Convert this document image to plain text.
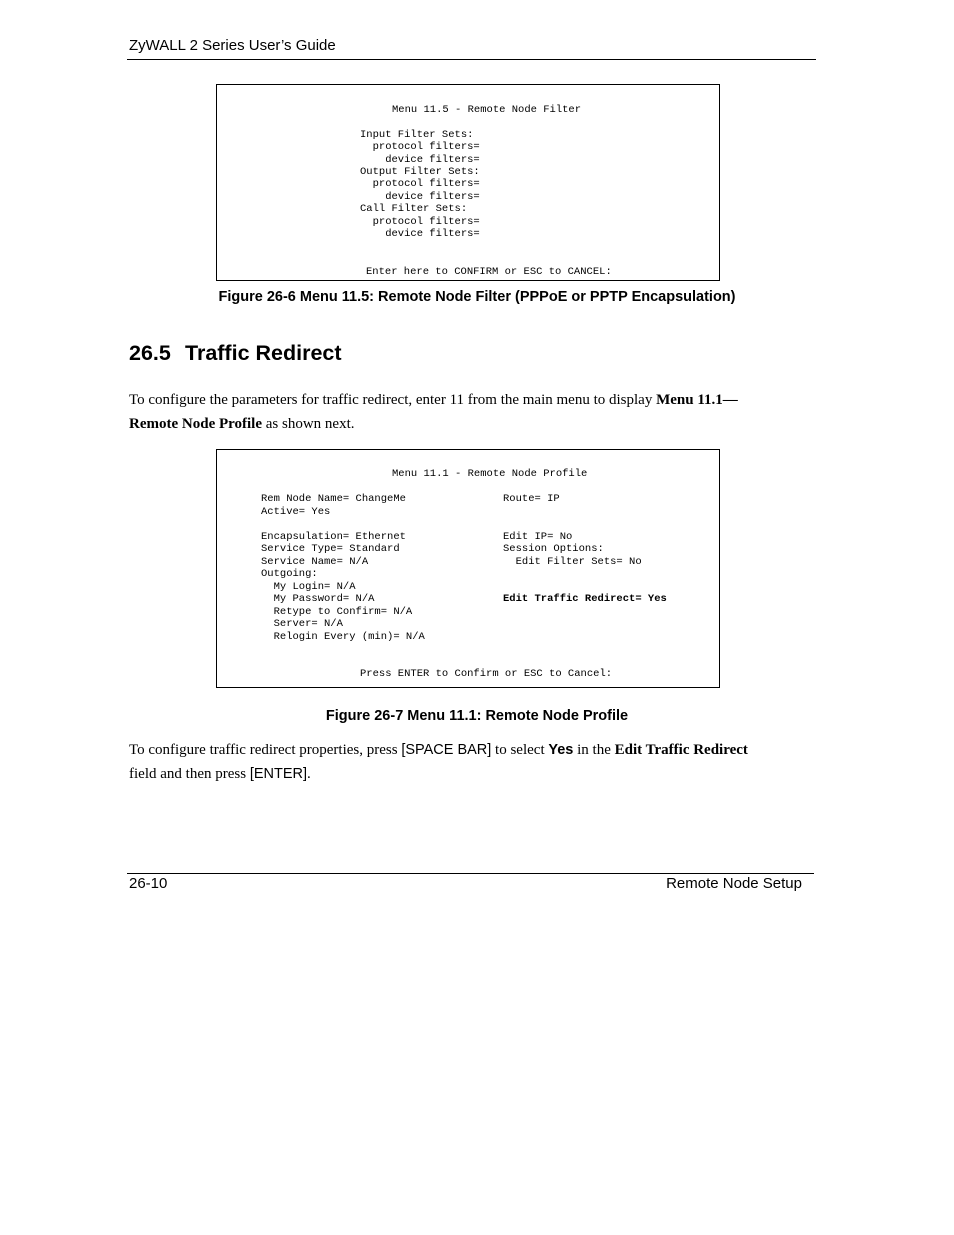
ZyWALL 2 Series User’s Guide
Menu 11.5 - Remote Node Filter
Input Filter Sets:
protocol filters=
device filters=
Output Filter Sets:
protocol filters=
device filters=
Call Filter Sets:
protocol filters=
device filters=
Enter here to CONFIRM or ESC to CANCEL:
Figure 26-6 Menu 11.5: Remote Node Filter (PPPoE or PPTP Encapsulation)
26.5 Traffic Redirect
To configure the parameters for traffic redirect, enter 11 from the main menu to display Menu 11.1—
Remote Node Profile as shown next.
Menu 11.1 - Remote Node Profile
Rem Node Name= ChangeMe
Active= Yes
Encapsulation= Ethernet
Service Type= Standard
Service Name= N/A
Outgoing:
My Login= N/A
My Password= N/A
Retype to Confirm= N/A
Server= N/A
Relogin Every (min)= N/A
Route= IP
Edit IP= No
Session Options:
Edit Filter Sets= No
Edit Traffic Redirect= Yes
Press ENTER to Confirm or ESC to Cancel:
Figure 26-7 Menu 11.1: Remote Node Profile
To configure traffic redirect properties, press [SPACE BAR] to select Yes in the Edit Traffic Redirect
field and then press [ENTER].
26-10	Remote Node Setup
